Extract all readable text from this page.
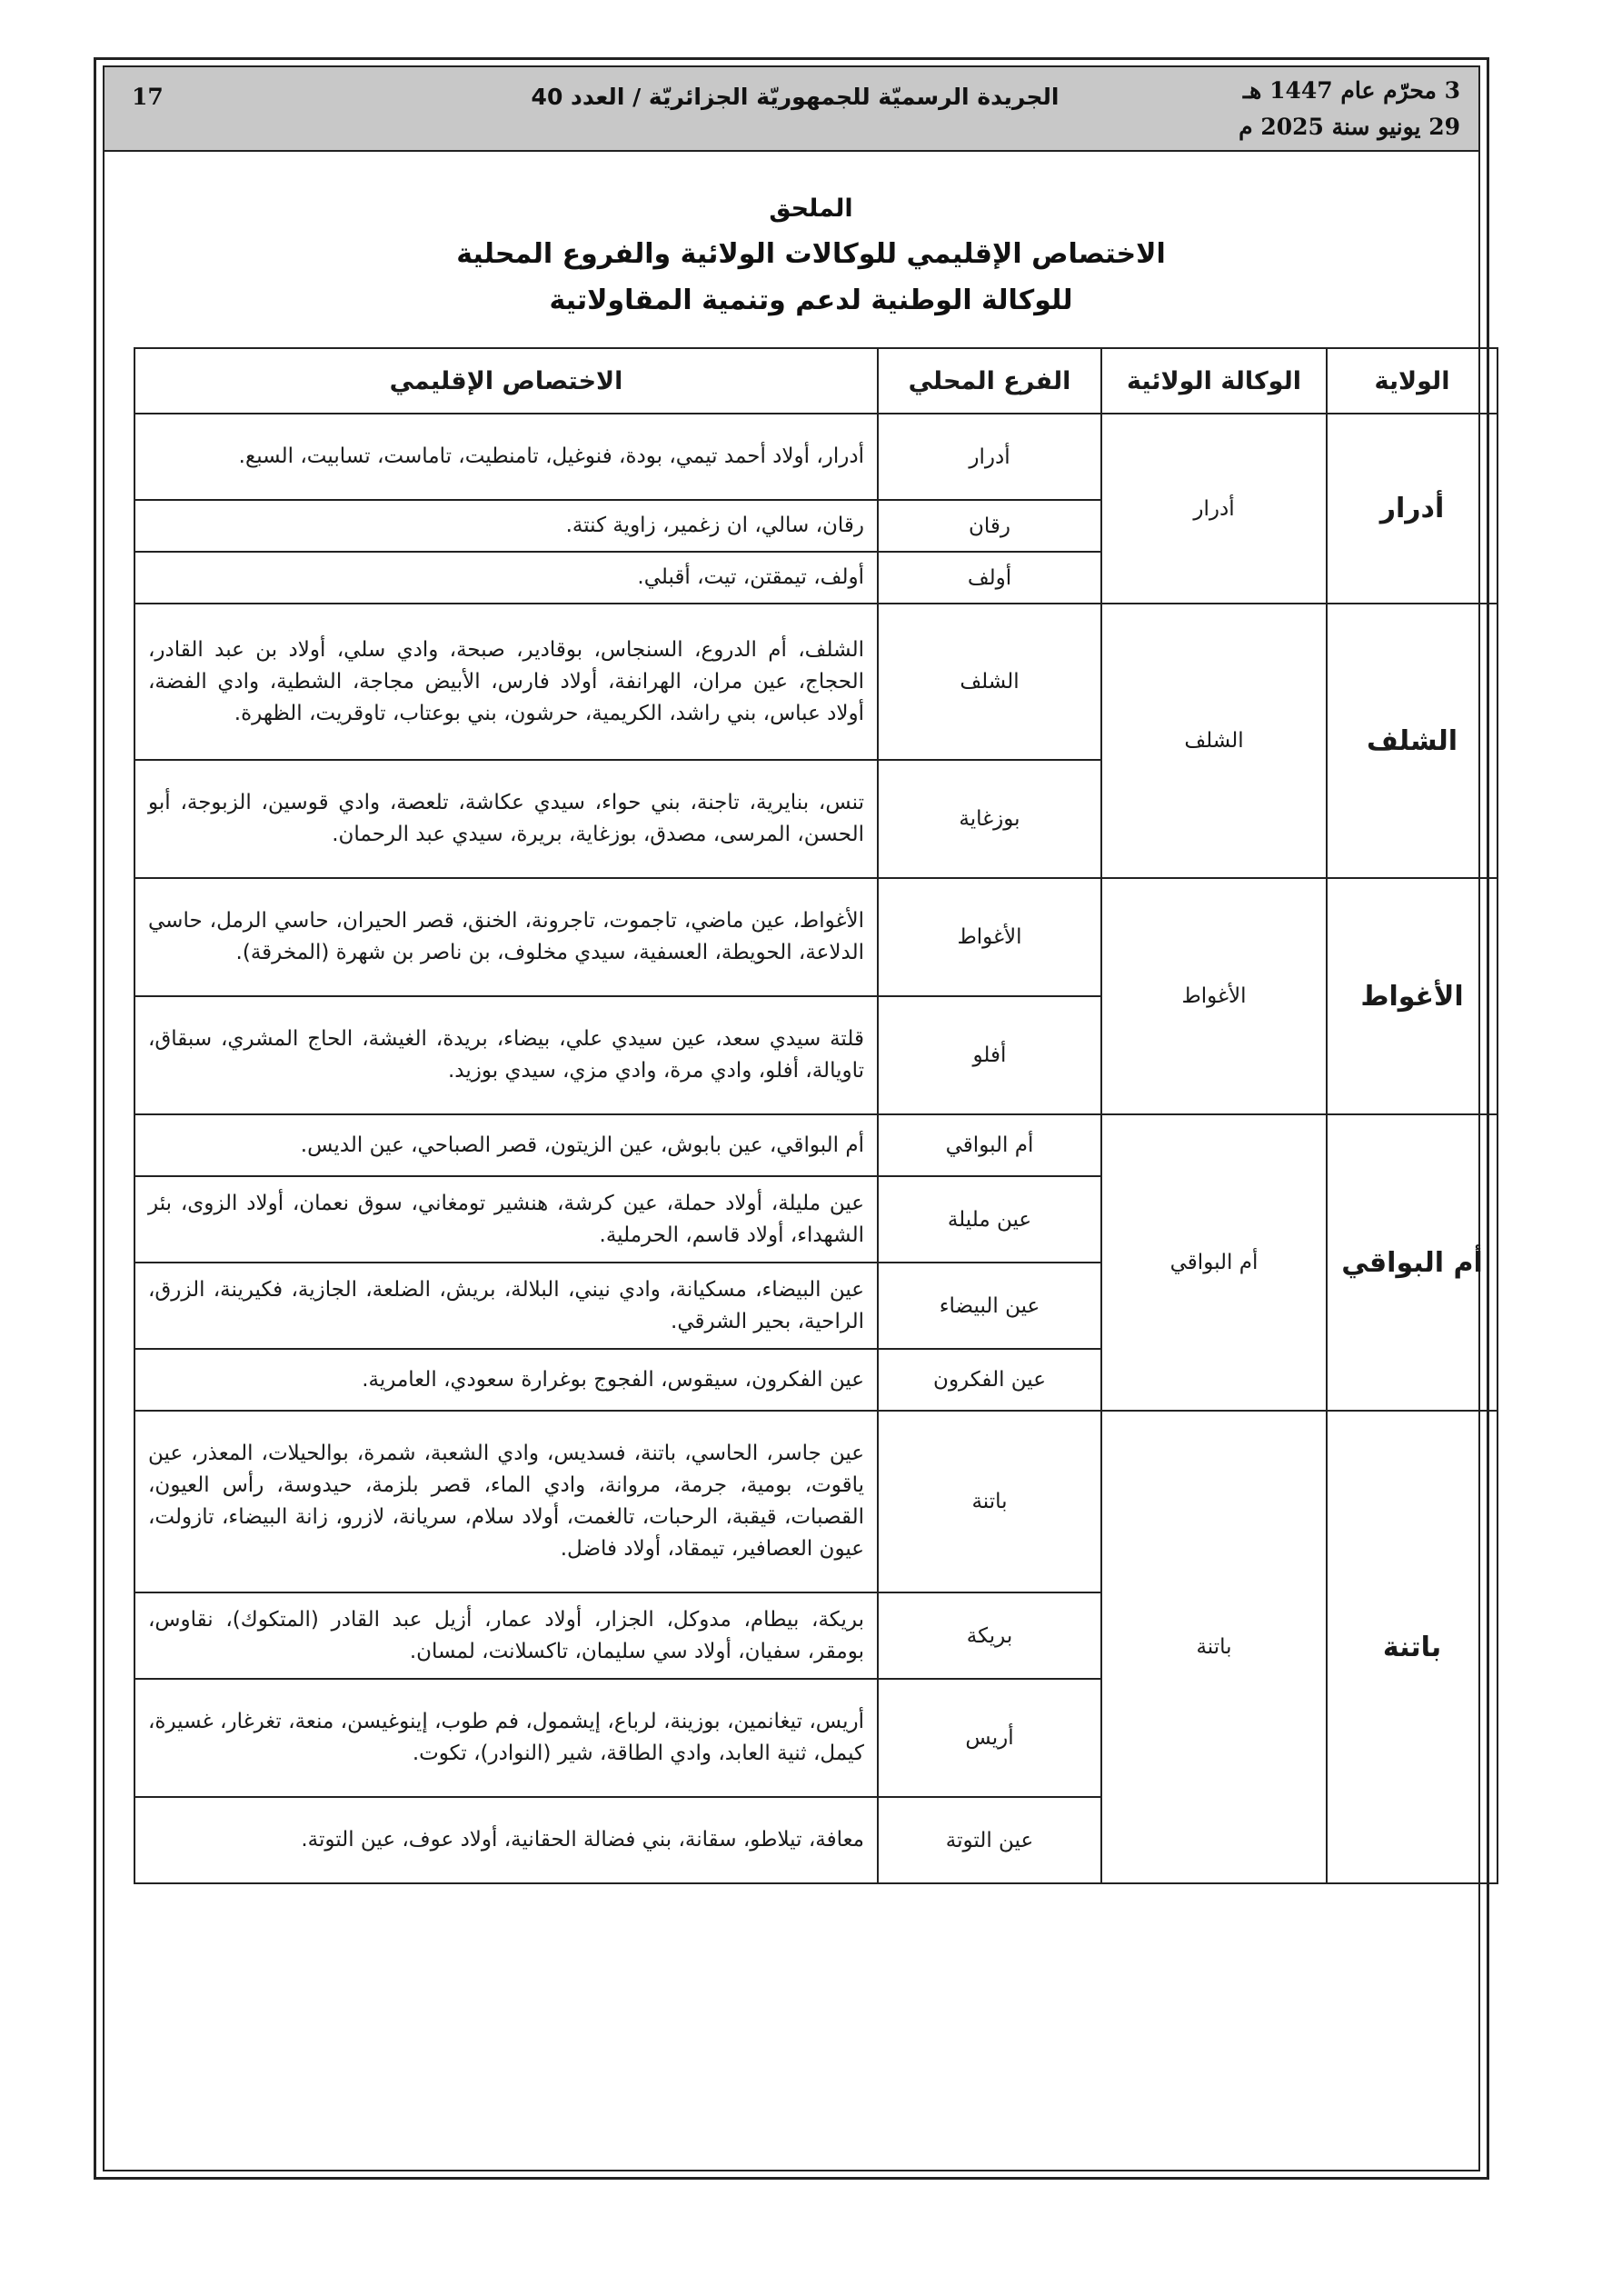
3 محرّم عام 1447 هـ
29 يونيو سنة 2025 م
الجريدة الرسميّة للجمهوريّة الجزائريّة / العدد 40
17
الملحق
الاختصاص الإقليمي للوكالات الولائية والفروع المحلية
للوكالة الوطنية لدعم وتنمية المقاولاتية
الولاية	الوكالة الولائية	الفرع المحلي	الاختصاص الإقليمي
أدرار	أدرار	أدرار	أدرار، أولاد أحمد تيمي، بودة، فنوغيل، تامنطيت، تاماست، تسابيت، السبع.
		رقان	رقان، سالي، ان زغمير، زاوية كنتة.
		أولف	أولف، تيمقتن، تيت، أقبلي.
الشلف	الشلف	الشلف	الشلف، أم الدروع، السنجاس، بوقادير، صبحة، وادي سلي، أولاد بن عبد القادر، الحجاج، عين مران، الهرانفة، أولاد فارس، الأبيض مجاجة، الشطية، وادي الفضة، أولاد عباس، بني راشد، الكريمية، حرشون، بني بوعتاب، تاوقريت، الظهرة.
		بوزغاية	تنس، بنايرية، تاجنة، بني حواء، سيدي عكاشة، تلعصة، وادي قوسين، الزبوجة، أبو الحسن، المرسى، مصدق، بوزغاية، بريرة، سيدي عبد الرحمان.
الأغواط	الأغواط	الأغواط	الأغواط، عين ماضي، تاجموت، تاجرونة، الخنق، قصر الحيران، حاسي الرمل، حاسي الدلاعة، الحويطة، العسفية، سيدي مخلوف، بن ناصر بن شهرة (المخرقة).
		أفلو	قلتة سيدي سعد، عين سيدي علي، بيضاء، بريدة، الغيشة، الحاج المشري، سبقاق، تاويالة، أفلو، وادي مرة، وادي مزي، سيدي بوزيد.
أم البواقي	أم البواقي	أم البواقي	أم البواقي، عين بابوش، عين الزيتون، قصر الصباحي، عين الديس.
		عين مليلة	عين مليلة، أولاد حملة، عين كرشة، هنشير تومغاني، سوق نعمان، أولاد الزوى، بئر الشهداء، أولاد قاسم، الحرملية.
		عين البيضاء	عين البيضاء، مسكيانة، وادي نيني، البلالة، بريش، الضلعة، الجازية، فكيرينة، الزرق، الراحية، بحير الشرقي.
		عين الفكرون	عين الفكرون، سيقوس، الفجوج بوغرارة سعودي، العامرية.
باتنة	باتنة	باتنة	عين جاسر، الحاسي، باتنة، فسديس، وادي الشعبة، شمرة، بوالحيلات، المعذر، عين ياقوت، بومية، جرمة، مروانة، وادي الماء، قصر بلزمة، حيدوسة، رأس العيون، القصبات، قيقبة، الرحبات، تالغمت، أولاد سلام، سريانة، لازرو، زانة البيضاء، تازولت، عيون العصافير، تيمقاد، أولاد فاضل.
		بريكة	بريكة، بيطام، مدوكل، الجزار، أولاد عمار، أزيل عبد القادر (المتكوك)، نقاوس، بومقر، سفيان، أولاد سي سليمان، تاكسلانت، لمسان.
		أريس	أريس، تيغانمين، بوزينة، لرباع، إيشمول، فم طوب، إينوغيسن، منعة، تغرغار، غسيرة، كيمل، ثنية العابد، وادي الطاقة، شير (النوادر)، تكوت.
		عين التوتة	معافة، تيلاطو، سقانة، بني فضالة الحقانية، أولاد عوف، عين التوتة.
